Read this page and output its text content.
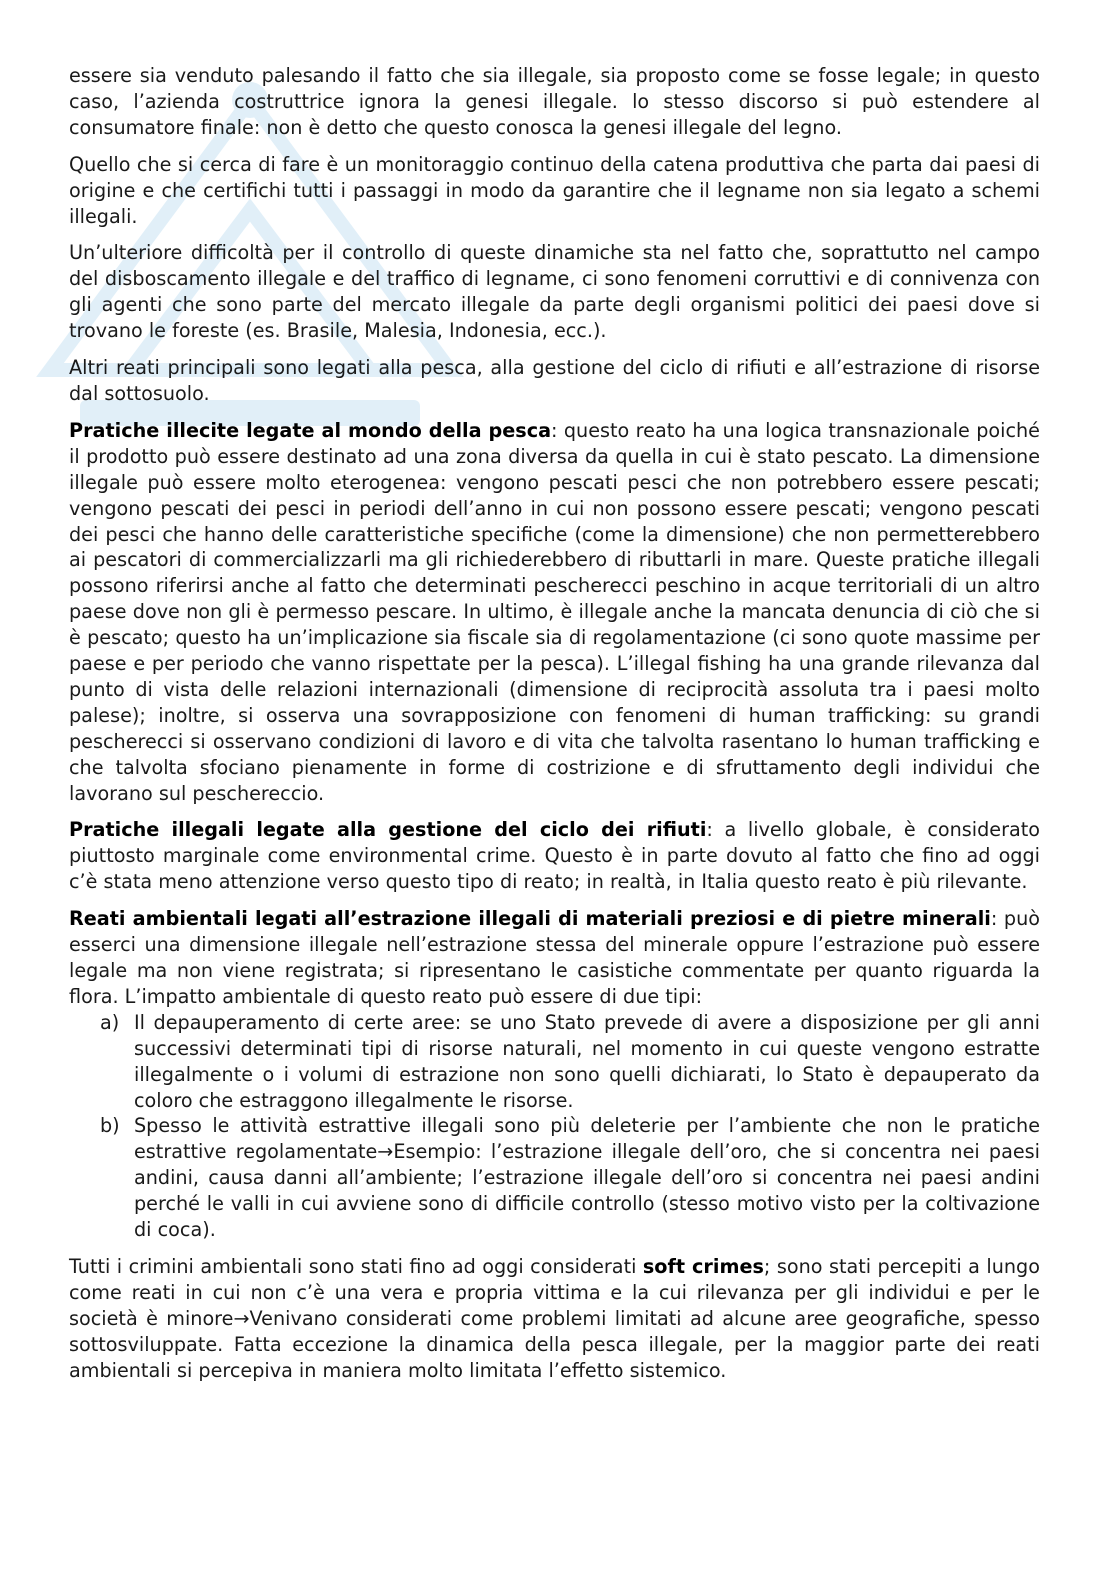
essere sia venduto palesando il fatto che sia illegale, sia proposto come se fosse legale; in questo caso, l’azienda costruttrice ignora la genesi illegale. lo stesso discorso si può estendere al consumatore finale: non è detto che questo conosca la genesi illegale del legno.

Quello che si cerca di fare è un monitoraggio continuo della catena produttiva che parta dai paesi di origine e che certifichi tutti i passaggi in modo da garantire che il legname non sia legato a schemi illegali.

Un’ulteriore difficoltà per il controllo di queste dinamiche sta nel fatto che, soprattutto nel campo del disboscamento illegale e del traffico di legname, ci sono fenomeni corruttivi e di connivenza con gli agenti che sono parte del mercato illegale da parte degli organismi politici dei paesi dove si trovano le foreste (es. Brasile, Malesia, Indonesia, ecc.).

Altri reati principali sono legati alla pesca, alla gestione del ciclo di rifiuti e all’estrazione di risorse dal sottosuolo.

Pratiche illecite legate al mondo della pesca: questo reato ha una logica transnazionale poiché il prodotto può essere destinato ad una zona diversa da quella in cui è stato pescato. La dimensione illegale può essere molto eterogenea: vengono pescati pesci che non potrebbero essere pescati; vengono pescati dei pesci in periodi dell’anno in cui non possono essere pescati; vengono pescati dei pesci che hanno delle caratteristiche specifiche (come la dimensione) che non permetterebbero ai pescatori di commercializzarli ma gli richiederebbero di ributtarli in mare. Queste pratiche illegali possono riferirsi anche al fatto che determinati pescherecci peschino in acque territoriali di un altro paese dove non gli è permesso pescare. In ultimo, è illegale anche la mancata denuncia di ciò che si è pescato; questo ha un’implicazione sia fiscale sia di regolamentazione (ci sono quote massime per paese e per periodo che vanno rispettate per la pesca). L’illegal fishing ha una grande rilevanza dal punto di vista delle relazioni internazionali (dimensione di reciprocità assoluta tra i paesi molto palese); inoltre, si osserva una sovrapposizione con fenomeni di human trafficking: su grandi pescherecci si osservano condizioni di lavoro e di vita che talvolta rasentano lo human trafficking e che talvolta sfociano pienamente in forme di costrizione e di sfruttamento degli individui che lavorano sul peschereccio.

Pratiche illegali legate alla gestione del ciclo dei rifiuti: a livello globale, è considerato piuttosto marginale come environmental crime. Questo è in parte dovuto al fatto che fino ad oggi c’è stata meno attenzione verso questo tipo di reato; in realtà, in Italia questo reato è più rilevante.

Reati ambientali legati all’estrazione illegali di materiali preziosi e di pietre minerali: può esserci una dimensione illegale nell’estrazione stessa del minerale oppure l’estrazione può essere legale ma non viene registrata; si ripresentano le casistiche commentate per quanto riguarda la flora. L’impatto ambientale di questo reato può essere di due tipi:

a) Il depauperamento di certe aree: se uno Stato prevede di avere a disposizione per gli anni successivi determinati tipi di risorse naturali, nel momento in cui queste vengono estratte illegalmente o i volumi di estrazione non sono quelli dichiarati, lo Stato è depauperato da coloro che estraggono illegalmente le risorse.
b) Spesso le attività estrattive illegali sono più deleterie per l’ambiente che non le pratiche estrattive regolamentate→Esempio: l’estrazione illegale dell’oro, che si concentra nei paesi andini, causa danni all’ambiente; l’estrazione illegale dell’oro si concentra nei paesi andini perché le valli in cui avviene sono di difficile controllo (stesso motivo visto per la coltivazione di coca).

Tutti i crimini ambientali sono stati fino ad oggi considerati soft crimes; sono stati percepiti a lungo come reati in cui non c’è una vera e propria vittima e la cui rilevanza per gli individui e per le società è minore→Venivano considerati come problemi limitati ad alcune aree geografiche, spesso sottosviluppate. Fatta eccezione la dinamica della pesca illegale, per la maggior parte dei reati ambientali si percepiva in maniera molto limitata l’effetto sistemico.
